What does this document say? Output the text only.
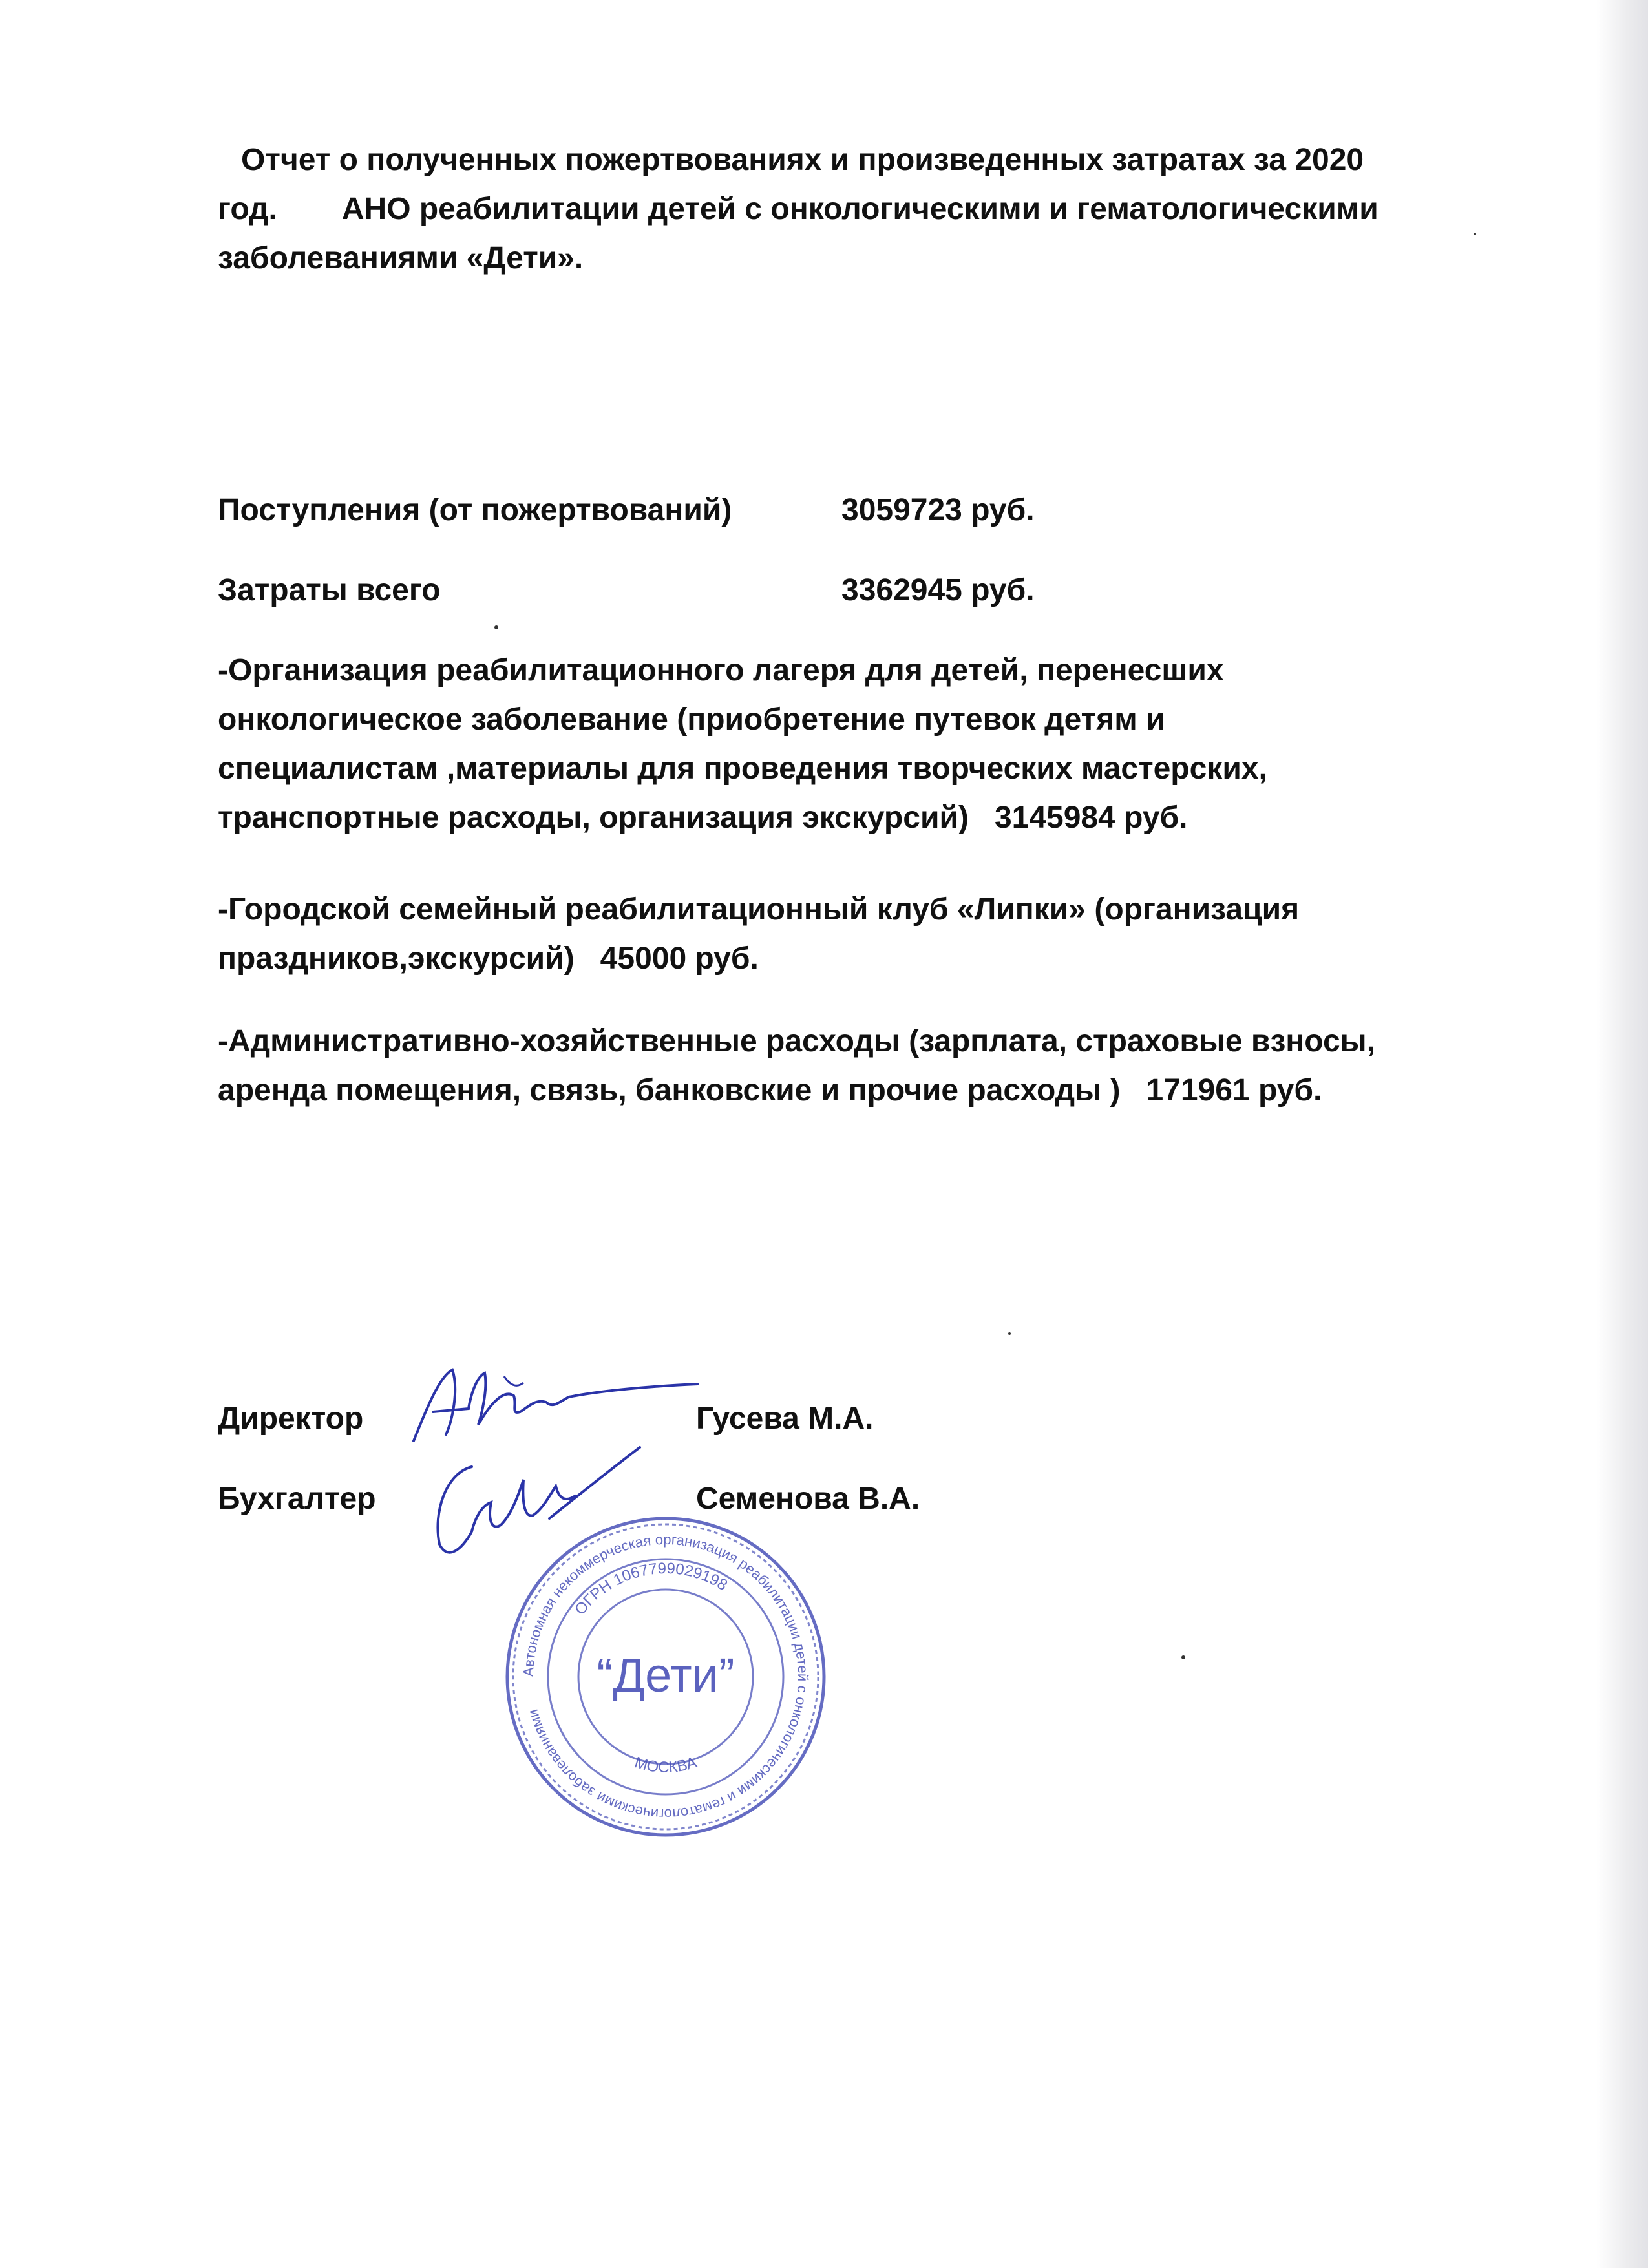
Отчет о полученных пожертвованиях и произведенных затратах за 2020
год. АНО реабилитации детей с онкологическими и гематологическими
заболеваниями «Дети».

Поступления (от пожертвований)	3059723 руб.
Затраты всего	3362945 руб.
-Организация реабилитационного лагеря для детей, перенесших
онкологическое заболевание (приобретение путевок детям и
специалистам ,материалы для проведения творческих мастерских,
транспортные расходы, организация экскурсий) 3145984 руб.
-Городской семейный реабилитационный клуб «Липки» (организация
праздников,экскурсий) 45000 руб.
-Административно-хозяйственные расходы (зарплата, страховые взносы,
аренда помещения, связь, банковские и прочие расходы ) 171961 руб.
Директор	Гусева М.А.
Бухгалтер	Семенова В.А.
Автономная некоммерческая организация реабилитации детей с онкологическими и гематологическими заболеваниями
ОГРН 1067799029198
МОСКВА
“Дети”
